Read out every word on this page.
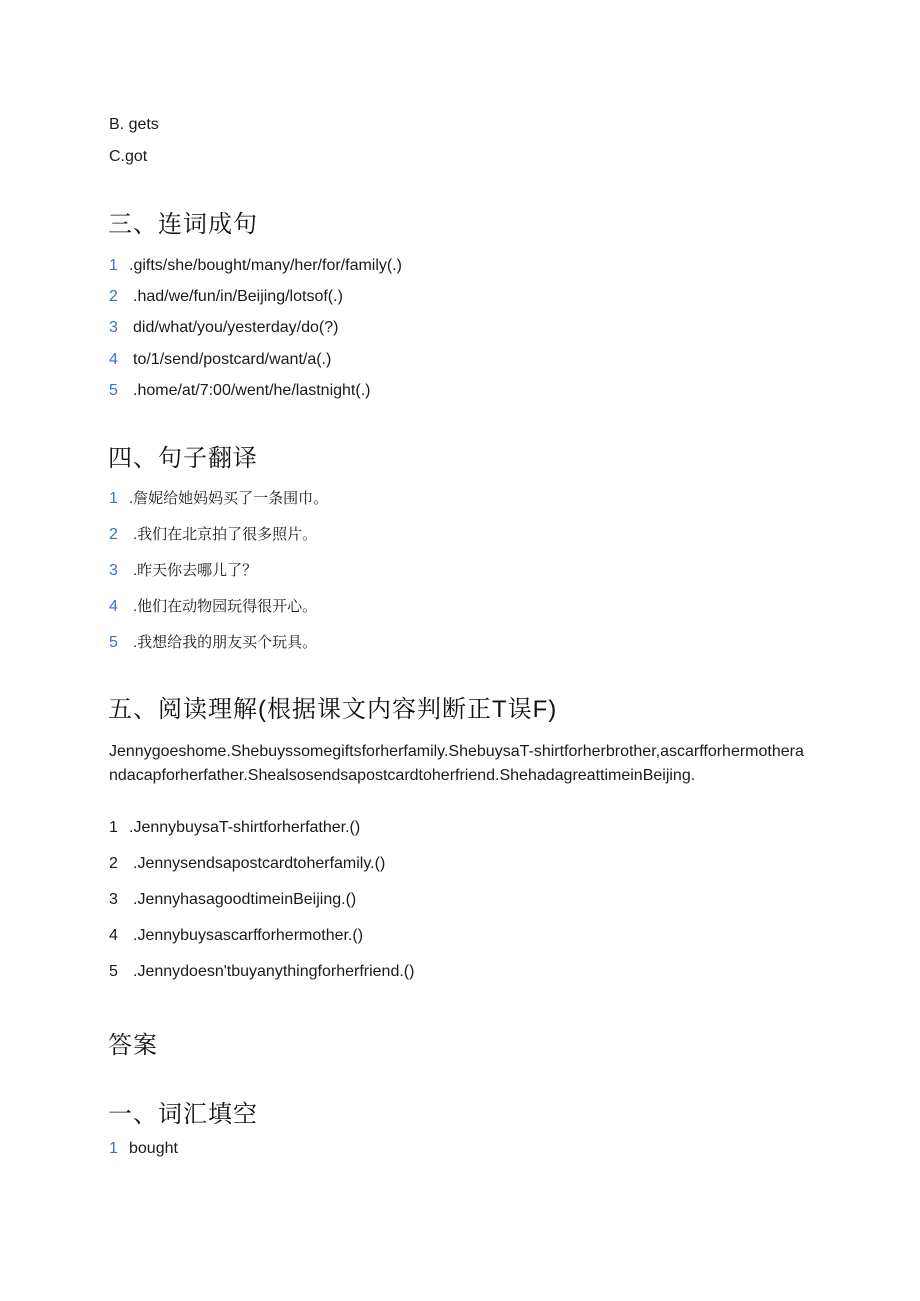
B. gets
C.got
三、连词成句
1 .gifts/she/bought/many/her/for/family(.)
2 .had/we/fun/in/Beijing/lotsof(.)
3 did/what/you/yesterday/do(?)
4 to/1/send/postcard/want/a(.)
5 .home/at/7:00/went/he/lastnight(.)
四、句子翻译
1 .詹妮给她妈妈买了一条围巾。
2 .我们在北京拍了很多照片。
3 .昨天你去哪儿了？
4 .他们在动物园玩得很开心。
5 .我想给我的朋友买个玩具。
五、阅读理解(根据课文内容判断正T误F)
Jennygoeshome.Shebuyssomegiftsforherfamily.ShebuysaT-shirtforherbrother,ascarfforhermotherandacapforherfather.Shealsosendsapostcardtoherfriend.ShehadagreattimeinBeijing.
1 .JennybuysaT-shirtforherfather.()
2 .Jennysendsapostcardtoherfamily.()
3 .JennyhasagoodtimeinBeijing.()
4 .Jennybuysascarfforhermother.()
5 .Jennydoesn'tbuyanythingforherfriend.()
答案
一、词汇填空
1 bought
